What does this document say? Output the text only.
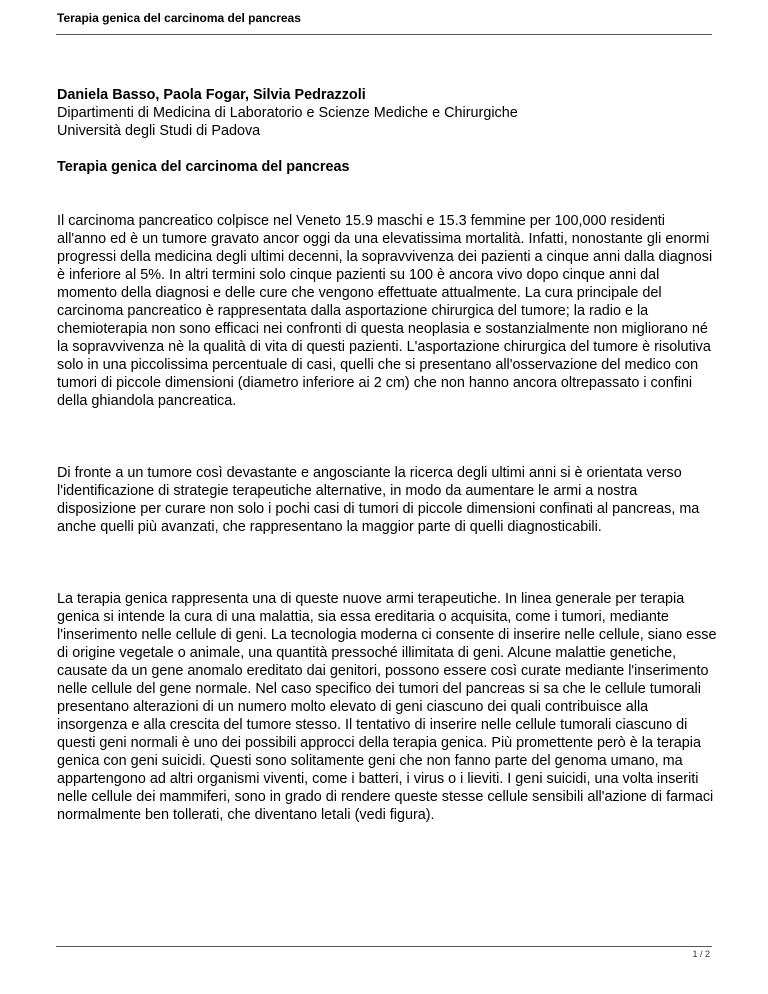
Terapia genica del carcinoma del pancreas

Daniela Basso, Paola Fogar, Silvia Pedrazzoli

Dipartimenti di Medicina di Laboratorio e Scienze Mediche e Chirurgiche

Università degli Studi di Padova

Terapia genica del carcinoma del pancreas

Il carcinoma pancreatico colpisce nel Veneto 15.9 maschi e 15.3 femmine per 100,000 residenti all'anno ed è un tumore gravato ancor oggi da una elevatissima mortalità. Infatti, nonostante gli enormi progressi della medicina degli ultimi decenni, la sopravvivenza dei pazienti a cinque anni dalla diagnosi è inferiore al 5%. In altri termini solo cinque pazienti su 100 è ancora vivo dopo cinque anni dal momento della diagnosi e delle cure che vengono effettuate attualmente. La cura principale del carcinoma pancreatico è rappresentata dalla asportazione chirurgica del tumore; la radio e la chemioterapia non sono efficaci nei confronti di questa neoplasia e sostanzialmente non migliorano né la sopravvivenza nè la qualità di vita di questi pazienti. L'asportazione chirurgica del tumore è risolutiva solo in una piccolissima percentuale di casi, quelli che si presentano all'osservazione del medico con tumori di piccole dimensioni (diametro inferiore ai 2 cm) che non hanno ancora oltrepassato i confini della ghiandola pancreatica.

Di fronte a un tumore così devastante e angosciante la ricerca degli ultimi anni si è orientata verso l'identificazione di strategie terapeutiche alternative, in modo da aumentare le armi a nostra disposizione per curare non solo i pochi casi di tumori di piccole dimensioni confinati al pancreas, ma anche quelli più avanzati, che rappresentano la maggior parte di quelli diagnosticabili.

La terapia genica rappresenta una di queste nuove armi terapeutiche. In linea generale per terapia genica si intende la cura di una malattia, sia essa ereditaria o acquisita, come i tumori, mediante l'inserimento nelle cellule di geni. La tecnologia moderna ci consente di inserire nelle cellule, siano esse di origine vegetale o animale, una quantità pressoché illimitata di geni. Alcune malattie genetiche, causate da un gene anomalo ereditato dai genitori, possono essere così curate mediante l'inserimento nelle cellule del gene normale. Nel caso specifico dei tumori del pancreas si sa che le cellule tumorali presentano alterazioni di un numero molto elevato di geni ciascuno dei quali contribuisce alla insorgenza e alla crescita del tumore stesso. Il tentativo di inserire nelle cellule tumorali ciascuno di questi geni normali è uno dei possibili approcci della terapia genica. Più promettente però è la terapia genica con geni suicidi. Questi sono solitamente geni che non fanno parte del genoma umano, ma appartengono ad altri organismi viventi, come i batteri, i virus o i lieviti. I geni suicidi, una volta inseriti nelle cellule dei mammiferi, sono in grado di rendere queste stesse cellule sensibili all'azione di farmaci normalmente ben tollerati, che diventano letali (vedi figura).

1 / 2
